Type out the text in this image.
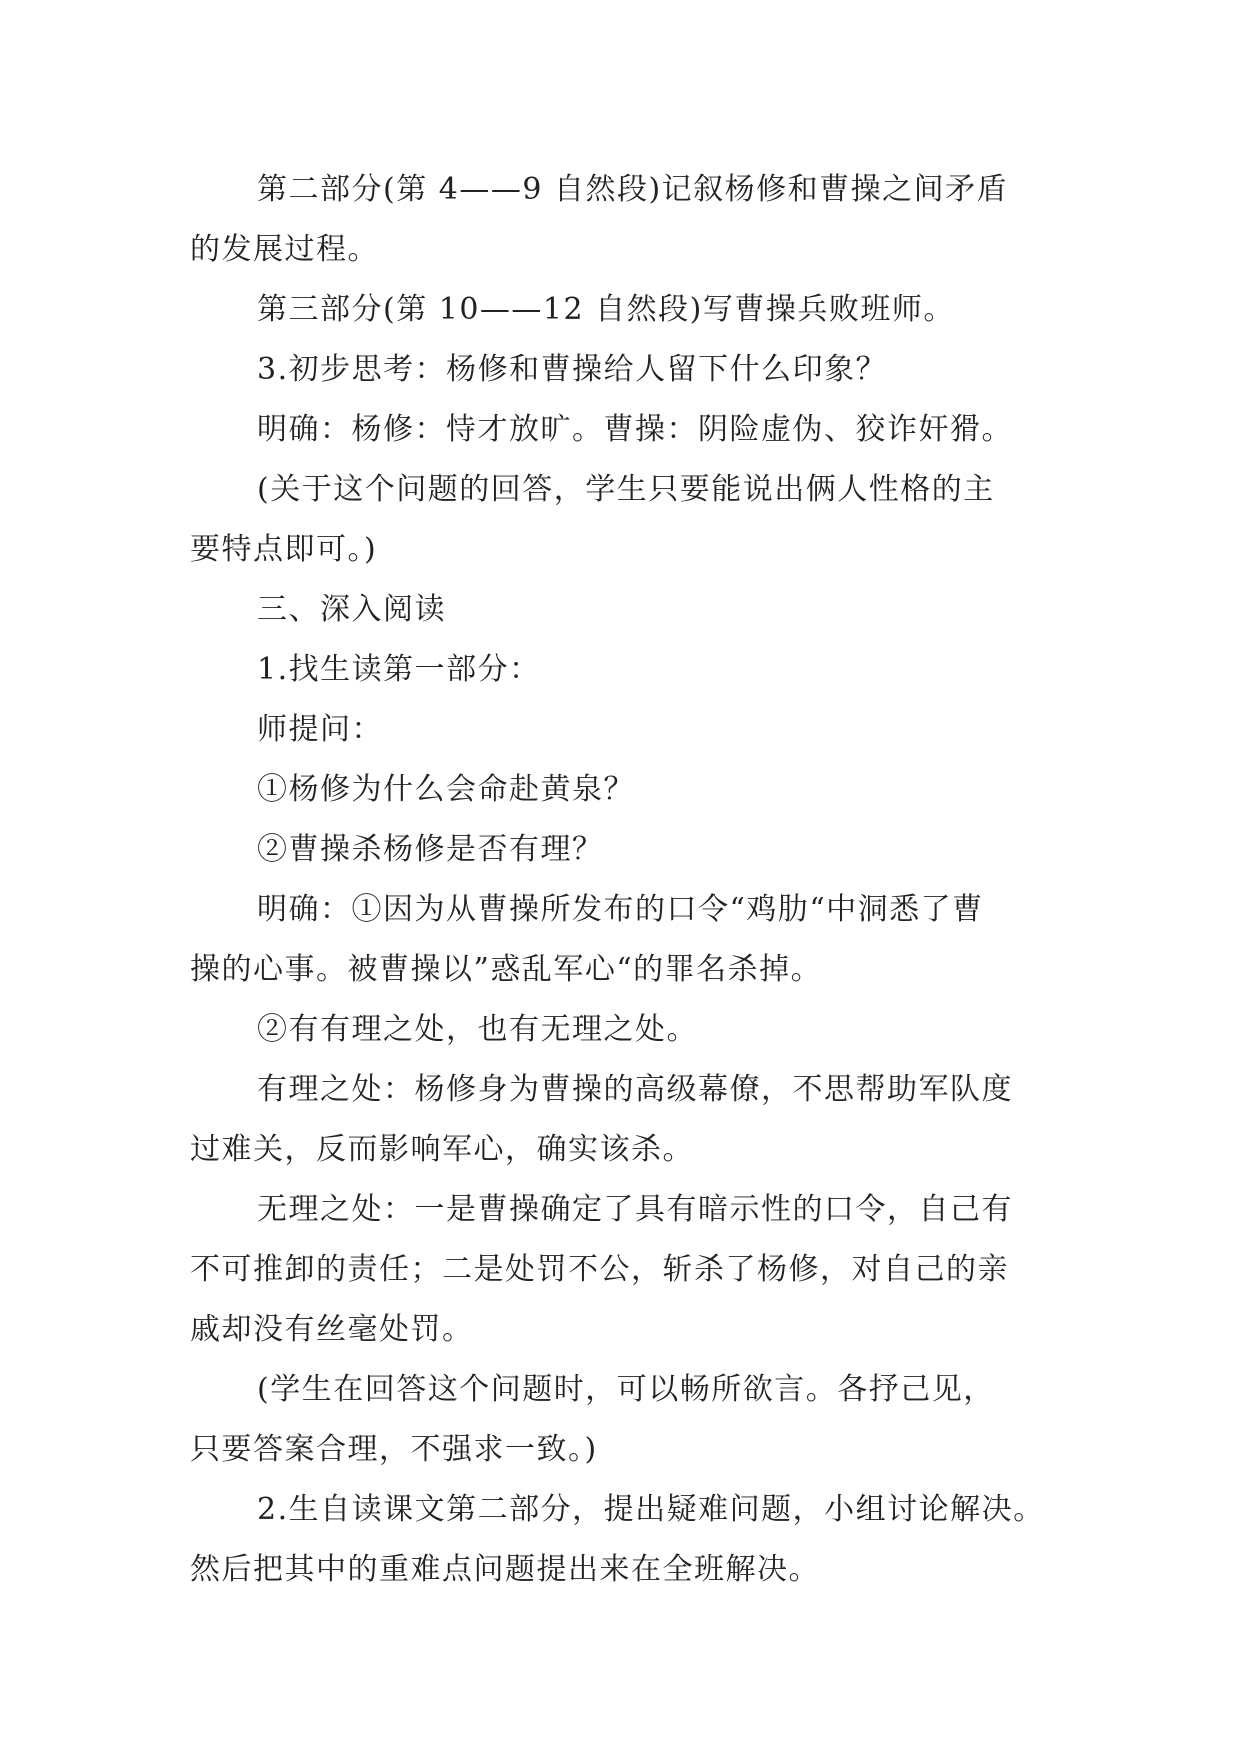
第二部分(第 4——9 自然段)记叙杨修和曹操之间矛盾
的发展过程。
第三部分(第 10——12 自然段)写曹操兵败班师。
3.初步思考：杨修和曹操给人留下什么印象？
明确：杨修：恃才放旷。曹操：阴险虚伪、狡诈奸猾。
(关于这个问题的回答，学生只要能说出俩人性格的主
要特点即可。)
三、深入阅读
1.找生读第一部分：
师提问：
①杨修为什么会命赴黄泉？
②曹操杀杨修是否有理？
明确：①因为从曹操所发布的口令“鸡肋“中洞悉了曹
操的心事。被曹操以”惑乱军心“的罪名杀掉。
②有有理之处，也有无理之处。
有理之处：杨修身为曹操的高级幕僚，不思帮助军队度
过难关，反而影响军心，确实该杀。
无理之处：一是曹操确定了具有暗示性的口令，自己有
不可推卸的责任；二是处罚不公，斩杀了杨修，对自己的亲
戚却没有丝毫处罚。
(学生在回答这个问题时，可以畅所欲言。各抒己见，
只要答案合理，不强求一致。)
2.生自读课文第二部分，提出疑难问题，小组讨论解决。
然后把其中的重难点问题提出来在全班解决。
